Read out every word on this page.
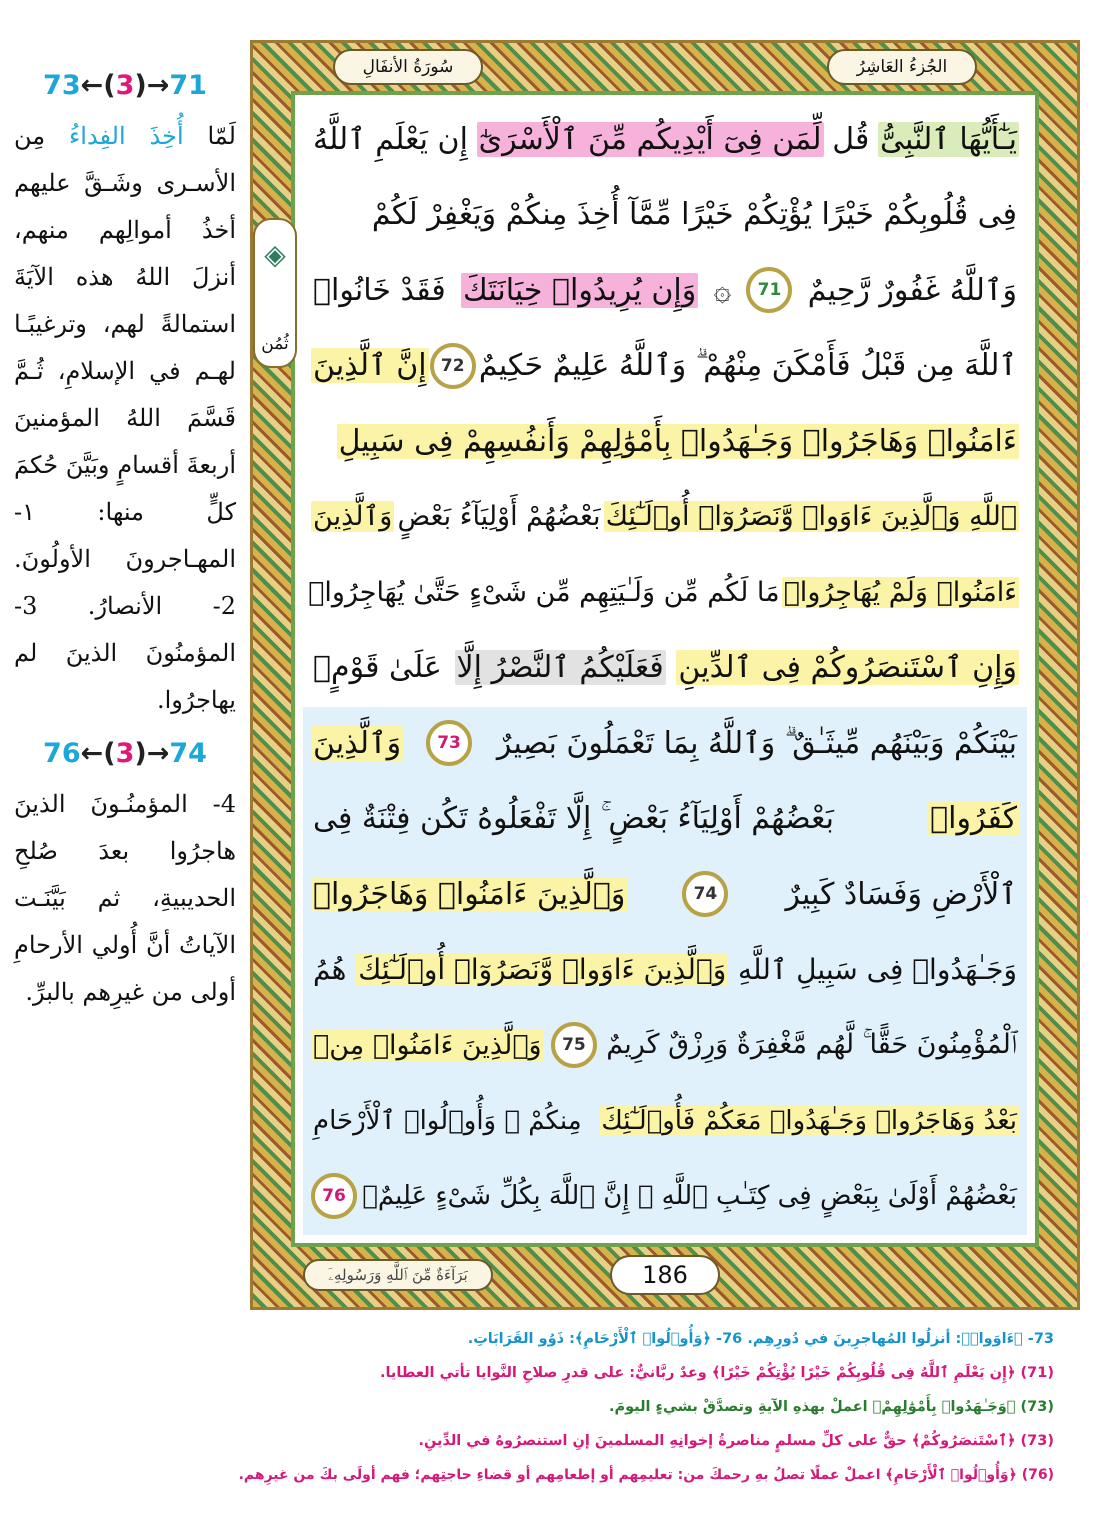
73←(3)→71

لَمّا أُخِذَ الفِداءُ مِن الأسـرى وشَـقَّ عليهم أخذُ أموالِهم منهم، أنزلَ اللهُ هذه الآيَةَ استمالةً لهم، وترغيبًـا لهـم في الإسلامِ، ثُـمَّ قَسَّمَ اللهُ المؤمنينَ أربعةَ أقسامٍ وبَيَّنَ حُكمَ كلٍّ منها: ١-المهـاجرونَ الأولُونَ. 2- الأنصارُ. 3- المؤمنُونَ الذينَ لم يهاجرُوا.

76←(3)→74

4- المؤمنُـونَ الذينَ هاجرُوا بعدَ صُلحِ الحديبيةِ، ثم بَيَّنَـت الآياتُ أنَّ أُولي الأرحامِ أولى من غيرِهم بالبرِّ.

الجُزءُ العَاشِرُ
سُورَةُ الأنفَالِ
يَـٰٓأَيُّهَا ٱلنَّبِىُّ
قُل
لِّمَن فِىٓ أَيْدِيكُم مِّنَ ٱلْأَسْرَىٰٓ
إِن يَعْلَمِ ٱللَّهُ
فِى قُلُوبِكُمْ خَيْرًا يُؤْتِكُمْ خَيْرًا مِّمَّآ أُخِذَ مِنكُمْ وَيَغْفِرْ لَكُمْ
وَٱللَّهُ غَفُورٌ رَّحِيمٌ
71
۞
وَإِن يُرِيدُوا۟ خِيَانَتَكَ
فَقَدْ خَانُوا۟
ٱللَّهَ مِن قَبْلُ فَأَمْكَنَ مِنْهُمْ ۗ وَٱللَّهُ عَلِيمٌ حَكِيمٌ
72
إِنَّ ٱلَّذِينَ
ءَامَنُوا۟ وَهَاجَرُوا۟ وَجَـٰهَدُوا۟ بِأَمْوَٰلِهِمْ وَأَنفُسِهِمْ فِى سَبِيلِ
ٱللَّهِ وَٱلَّذِينَ ءَاوَوا۟ وَّنَصَرُوٓا۟ أُو۟لَـٰٓئِكَ
بَعْضُهُمْ أَوْلِيَآءُ بَعْضٍ
وَٱلَّذِينَ
ءَامَنُوا۟ وَلَمْ يُهَاجِرُوا۟
مَا لَكُم مِّن وَلَـٰيَتِهِم مِّن شَىْءٍ حَتَّىٰ يُهَاجِرُوا۟
وَإِنِ ٱسْتَنصَرُوكُمْ فِى ٱلدِّينِ
فَعَلَيْكُمُ ٱلنَّصْرُ إِلَّا
عَلَىٰ قَوْمٍۭ
بَيْنَكُمْ وَبَيْنَهُم مِّيثَـٰقٌ ۗ وَٱللَّهُ بِمَا تَعْمَلُونَ بَصِيرٌ
73
وَٱلَّذِينَ
كَفَرُوا۟
بَعْضُهُمْ أَوْلِيَآءُ بَعْضٍ ۚ إِلَّا تَفْعَلُوهُ تَكُن فِتْنَةٌ فِى
ٱلْأَرْضِ وَفَسَادٌ كَبِيرٌ
74
وَٱلَّذِينَ ءَامَنُوا۟ وَهَاجَرُوا۟
وَجَـٰهَدُوا۟ فِى سَبِيلِ ٱللَّهِ
وَٱلَّذِينَ ءَاوَوا۟ وَّنَصَرُوٓا۟ أُو۟لَـٰٓئِكَ
هُمُ
ٱلْمُؤْمِنُونَ حَقًّا ۚ لَّهُم مَّغْفِرَةٌ وَرِزْقٌ كَرِيمٌ
75
وَٱلَّذِينَ ءَامَنُوا۟ مِنۢ
بَعْدُ وَهَاجَرُوا۟ وَجَـٰهَدُوا۟ مَعَكُمْ فَأُو۟لَـٰٓئِكَ
مِنكُمْ ۚ وَأُو۟لُوا۟ ٱلْأَرْحَامِ
بَعْضُهُمْ أَوْلَىٰ بِبَعْضٍ فِى كِتَـٰبِ ٱللَّهِ ۗ إِنَّ ٱللَّهَ بِكُلِّ شَىْءٍ عَلِيمٌۢ
76
◈
ثُمُن
بَرَآءَةٌ مِّنَ ٱللَّهِ وَرَسُولِهِۦٓ	186
73- ﴿ءَاوَوا۟﴾: أنزلُوا المُهاجرِينَ في دُورِهِم. 76- ﴿وَأُو۟لُوا۟ ٱلْأَرْحَامِ﴾: ذَوُو القَرَابَاتِ.
(71) ﴿إِن يَعْلَمِ ٱللَّهُ فِى قُلُوبِكُمْ خَيْرًا يُؤْتِكُمْ خَيْرًا﴾ وعدٌ ربَّانيٌّ: على قدرِ صلاحِ النَّوايا تأتي العطايا.
(73) ﴿وَجَـٰهَدُوا۟ بِأَمْوَٰلِهِمْ﴾ اعملْ بهذهِ الآيةِ وتصدَّقْ بشيءٍ اليومَ.
(73) ﴿ٱسْتَنصَرُوكُمْ﴾ حقٌّ على كلِّ مسلمٍ مناصرةُ إخوانِهِ المسلمينَ إنِ استنصرُوهُ في الدِّينِ.
(76) ﴿وَأُو۟لُوا۟ ٱلْأَرْحَامِ﴾ اعملْ عملًا تصلُ بهِ رحمكَ من: تعليمِهم أو إطعامِهم أو قضاءِ حاجتِهم؛ فهم أولَى بكَ من غيرِهم.
